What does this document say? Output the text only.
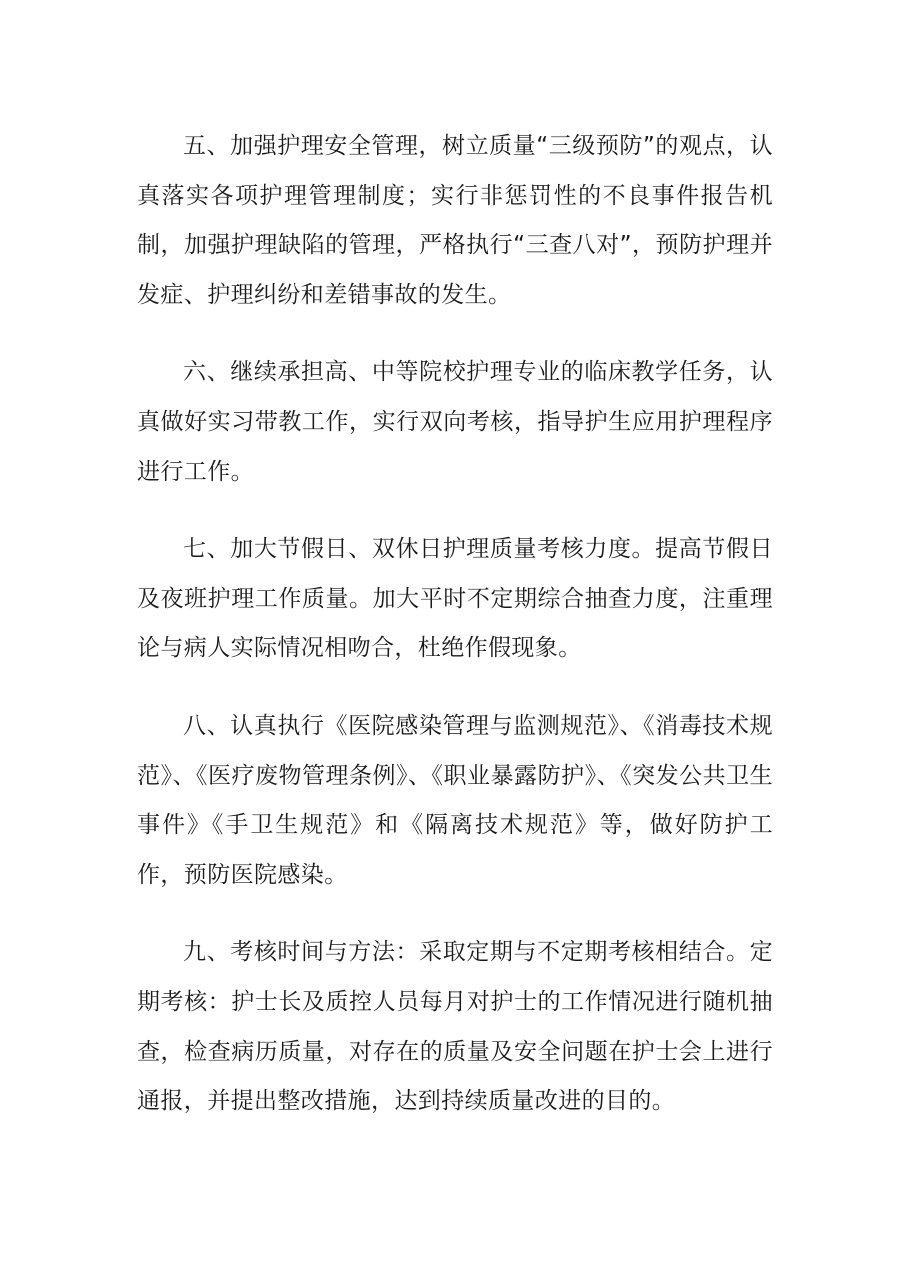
五、加强护理安全管理，树立质量“三级预防”的观点，认真落实各项护理管理制度；实行非惩罚性的不良事件报告机制，加强护理缺陷的管理，严格执行“三查八对”，预防护理并发症、护理纠纷和差错事故的发生。

六、继续承担高、中等院校护理专业的临床教学任务，认真做好实习带教工作，实行双向考核，指导护生应用护理程序进行工作。

七、加大节假日、双休日护理质量考核力度。提高节假日及夜班护理工作质量。加大平时不定期综合抽查力度，注重理论与病人实际情况相吻合，杜绝作假现象。

八、认真执行《医院感染管理与监测规范》、《消毒技术规范》、《医疗废物管理条例》、《职业暴露防护》、《突发公共卫生事件》《手卫生规范》和《隔离技术规范》等，做好防护工作，预防医院感染。

九、考核时间与方法：采取定期与不定期考核相结合。定期考核：护士长及质控人员每月对护士的工作情况进行随机抽查，检查病历质量，对存在的质量及安全问题在护士会上进行通报，并提出整改措施，达到持续质量改进的目的。
